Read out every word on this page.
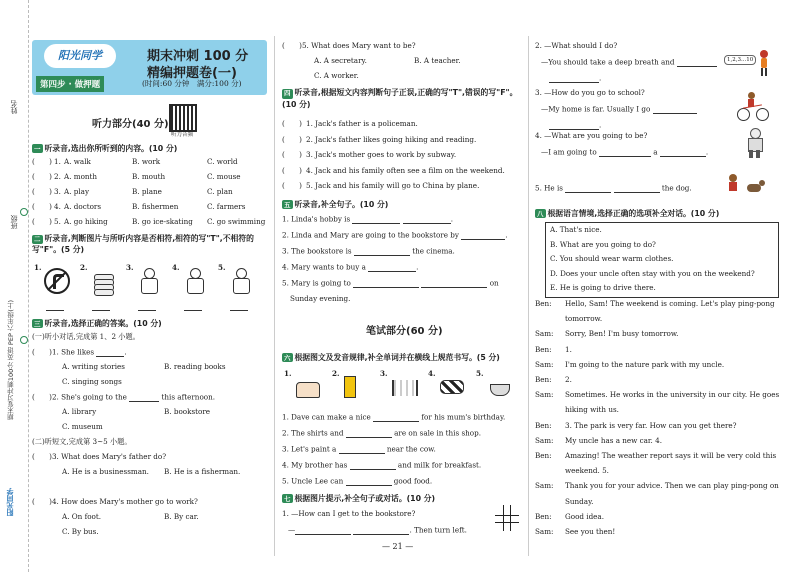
阳光同学
期末复习冲刺100分 英语 PEP 六年级(上)
姓名
班级
阳光同学
第四步 · 做押题
期末冲刺 100 分
精编押题卷(一)
(时间:60 分钟　满分:100 分)
听力部分(40 分)
听力音频
一 听录音,选出你所听到的内容。(10 分)
(　　) 1. A. walk	B. work	C. world
(　　) 2. A. month	B. mouth	C. mouse
(　　) 3. A. play	B. plane	C. plan
(　　) 4. A. doctors	B. fishermen	C. farmers
(　　) 5. A. go hiking	B. go ice-skating C. go swimming
二 听录音,判断图片与所听内容是否相符,相符的写"T",不相符的写"F"。(5 分)
1.	2.	3.	4.	5.
三 听录音,选择正确的答案。(10 分)
(一)听小对话,完成第 1、2 小题。
(　　)1. She likes	.
A. writing stories	B. reading books
C. singing songs
(　　)2. She's going to the	this afternoon.
A. library	B. bookstore
C. museum
(二)听短文,完成第 3~5 小题。
(　　)3. What does Mary's father do?
A. He is a businessman. B. He is a fisherman.
(　　)4. How does Mary's mother go to work?
A. On foot.	B. By car.
C. By bus.
(　　)5. What does Mary want to be?
A. A secretary.	B. A teacher.
C. A worker.
四 听录音,根据短文内容判断句子正误,正确的写"T",错误的写"F"。(10 分)
(　　) 1. Jack's father is a policeman.
(　　) 2. Jack's father likes going hiking and reading.
(　　) 3. Jack's mother goes to work by subway.
(　　) 4. Jack and his family often see a film on the weekend.
(　　) 5. Jack and his family will go to China by plane.
五 听录音,补全句子。(10 分)
1. Linda's hobby is	.
2. Linda and Mary are going to the bookstore by	.
3. The bookstore is	the cinema.
4. Mary wants to buy a	.
5. Mary is going to	on
Sunday evening.
笔试部分(60 分)
六 根据图文及发音规律,补全单词并在横线上规范书写。(5 分)
1.	2.	3.	4.	5.
1. Dave can make a nice	for his mum's birthday.
2. The shirts and	are on sale in this shop.
3. Let's paint a	near the cow.
4. My brother has	and milk for breakfast.
5. Uncle Lee can	good food.
七 根据图片提示,补全句子或对话。(10 分)
1. —How can I get to the bookstore?
—	. Then turn left.
— 21 —
2. —What should I do?
—You should take a deep breath and
.
1,2,3...10
3. —How do you go to school?
—My home is far. Usually I go
.
4. —What are you going to be?
—I am going to	a	.
5. He is	the dog.
八 根据语言情境,选择正确的选项补全对话。(10 分)
A. That's nice.
B. What are you going to do?
C. You should wear warm clothes.
D. Does your uncle often stay with you on the weekend?
E. He is going to drive there.
Ben: Hello, Sam! The weekend is coming. Let's play ping-pong
tomorrow.
Sam: Sorry, Ben! I'm busy tomorrow.
Ben: 1.
Sam: I'm going to the nature park with my uncle.
Ben: 2.
Sam: Sometimes. He works in the university in our city. He goes
hiking with us.
Ben: 3. The park is very far. How can you get there?
Sam: My uncle has a new car. 4.
Ben: Amazing! The weather report says it will be very cold this
weekend. 5.
Sam: Thank you for your advice. Then we can play ping-pong on
Sunday.
Ben: Good idea.
Sam: See you then!
